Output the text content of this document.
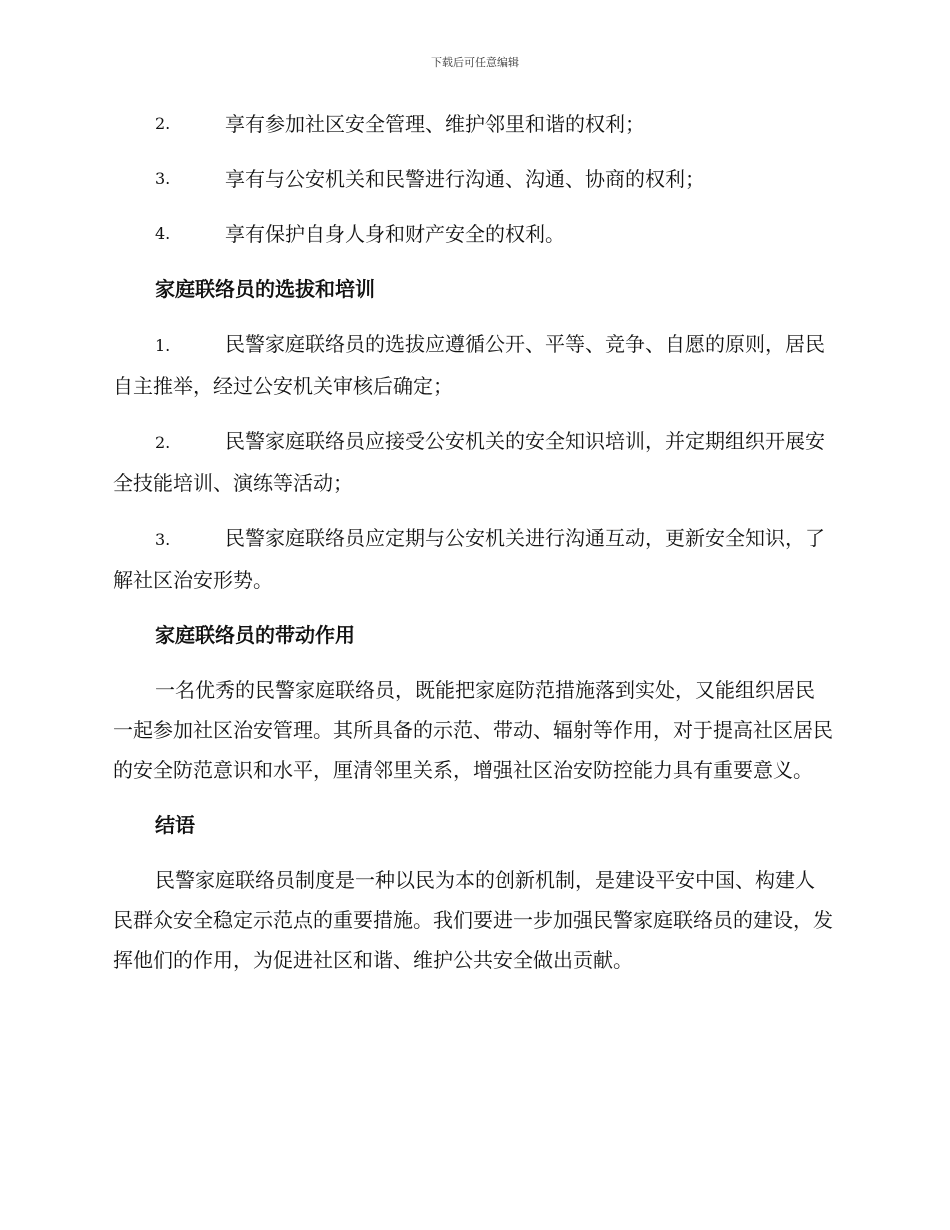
下载后可任意编辑
2.	享有参加社区安全管理、维护邻里和谐的权利；
3.	享有与公安机关和民警进行沟通、沟通、协商的权利；
4.	享有保护自身人身和财产安全的权利。
家庭联络员的选拔和培训
1.	民警家庭联络员的选拔应遵循公开、平等、竞争、自愿的原则，居民自主推举，经过公安机关审核后确定；
2.	民警家庭联络员应接受公安机关的安全知识培训，并定期组织开展安全技能培训、演练等活动；
3.	民警家庭联络员应定期与公安机关进行沟通互动，更新安全知识，了解社区治安形势。
家庭联络员的带动作用
一名优秀的民警家庭联络员，既能把家庭防范措施落到实处，又能组织居民一起参加社区治安管理。其所具备的示范、带动、辐射等作用，对于提高社区居民的安全防范意识和水平，厘清邻里关系，增强社区治安防控能力具有重要意义。
结语
民警家庭联络员制度是一种以民为本的创新机制，是建设平安中国、构建人民群众安全稳定示范点的重要措施。我们要进一步加强民警家庭联络员的建设，发挥他们的作用，为促进社区和谐、维护公共安全做出贡献。
